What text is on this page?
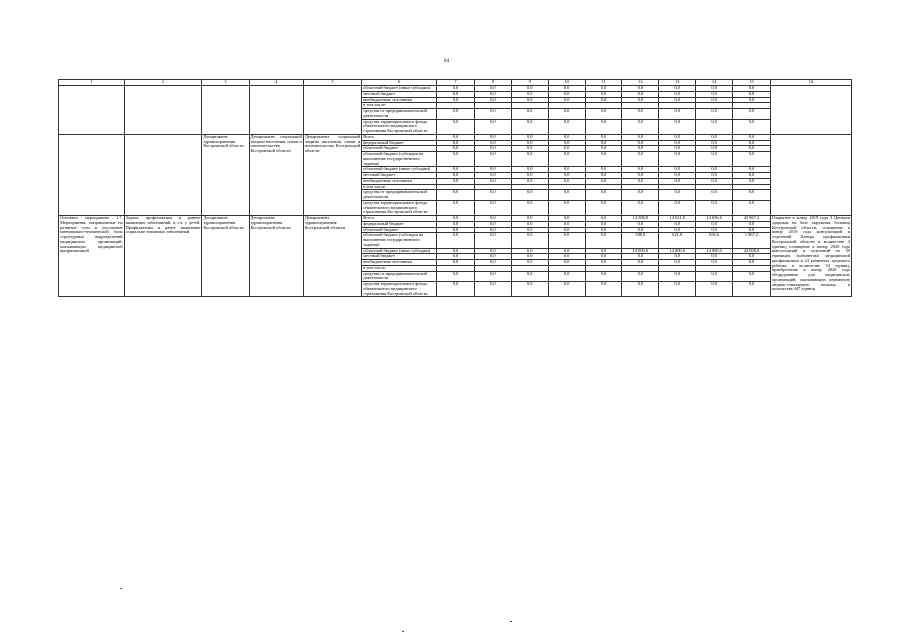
64
1	2	3	4	5	6	7	8	9	10	11	12	13	14	15	16
					областной бюджет (иные субсидии)	0,0	0,0	0,0	0,0	0,0	0,0	0,0	0,0	0,0	
					местный бюджет	0,0	0,0	0,0	0,0	0,0	0,0	0,0	0,0	0,0	
					внебюджетные источники	0,0	0,0	0,0	0,0	0,0	0,0	0,0	0,0	0,0	
					в том числе:										
					средства от предпринимательской деятельности	0,0	0,0	0,0	0,0	0,0	0,0	0,0	0,0	0,0	
					средства территориального фонда обязательного медицинского страхования Костромской области	0,0	0,0	0,0	0,0	0,0	0,0	0,0	0,0	0,0	
		Департамент здравоохранения Костромской области	Департамент социальной защиты населения, опеки и попечительства Костромской области	Департамент социальной защиты населения, опеки и попечительства Костромской области	Всего	0,0	0,0	0,0	0,0	0,0	0,0	0,0	0,0	0,0	
					федеральный бюджет	0,0	0,0	0,0	0,0	0,0	0,0	0,0	0,0	0,0	
					областной бюджет	0,0	0,0	0,0	0,0	0,0	0,0	0,0	0,0	0,0	
					областной бюджет (субсидия на выполнение государственного задания)	0,0	0,0	0,0	0,0	0,0	0,0	0,0	0,0	0,0	
					областной бюджет (иные субсидии)	0,0	0,0	0,0	0,0	0,0	0,0	0,0	0,0	0,0	
					местный бюджет	0,0	0,0	0,0	0,0	0,0	0,0	0,0	0,0	0,0	
					внебюджетные источники	0,0	0,0	0,0	0,0	0,0	0,0	0,0	0,0	0,0	
					в том числе:										
					средства от предпринимательской деятельности	0,0	0,0	0,0	0,0	0,0	0,0	0,0	0,0	0,0	
					средства территориального фонда обязательного медицинского страхования Костромской области	0,0	0,0	0,0	0,0	0,0	0,0	0,0	0,0	0,0	
Основное мероприятие 1.7. Мероприятия, направленные на развитие сети и улучшение материально-технической базы структурных подразделений медицинских организаций, оказывающих медицинской профилактикой	Задача: профилактика и раннее выявление заболеваний, в т.ч. у детей. Профилактика и ранее выявление социально-значимых заболеваний	Департамент здравоохранения Костромской области	Департамент здравоохранения Костромской области	Департамент здравоохранения Костромской области	Всего	0,0	0,0	0,0	0,0	0,0	14 588,8	14 621,8	14 656,6	43 867,2	Открытие к концу 2019 года 3 Центров здоровья на базе окружных больниц Костромской области; оснащение к концу 2019 года консультаций и отделений Центра профилактики Костромской области в количестве 4 единиц; оснащение к концу 2020 года консультаций и отделений по 50 единицам (кабинетам) медицинской профилактики в 24 кабинетах здорового ребенка в количестве 54 единиц; приобретение к концу 2020 года оборудования для медицинских организаций, оказывающих первичную медико-санитарную помощь, в количестве 447 единиц
					федеральный бюджет	0,0	0,0	0,0	0,0	0,0	0,0	0,0	0,0	0,0	
					областной бюджет	0,0	0,0	0,0	0,0	0,0	0,0	0,0	0,0	0,0	
					областной бюджет (субсидия на выполнение государственного задания)	0,0	0,0	0,0	0,0	0,0	588,8	621,8	656,6	1 867,2	
					областной бюджет (иные субсидии)	0,0	0,0	0,0	0,0	0,0	14 000,0	14 000,0	14 000,0	42 000,0	
					местный бюджет	0,0	0,0	0,0	0,0	0,0	0,0	0,0	0,0	0,0	
					внебюджетные источники	0,0	0,0	0,0	0,0	0,0	0,0	0,0	0,0	0,0	
					в том числе:										
					средства от предпринимательской деятельности	0,0	0,0	0,0	0,0	0,0	0,0	0,0	0,0	0,0	
					средства территориального фонда обязательного медицинского страхования Костромской области	0,0	0,0	0,0	0,0	0,0	0,0	0,0	0,0	0,0	
